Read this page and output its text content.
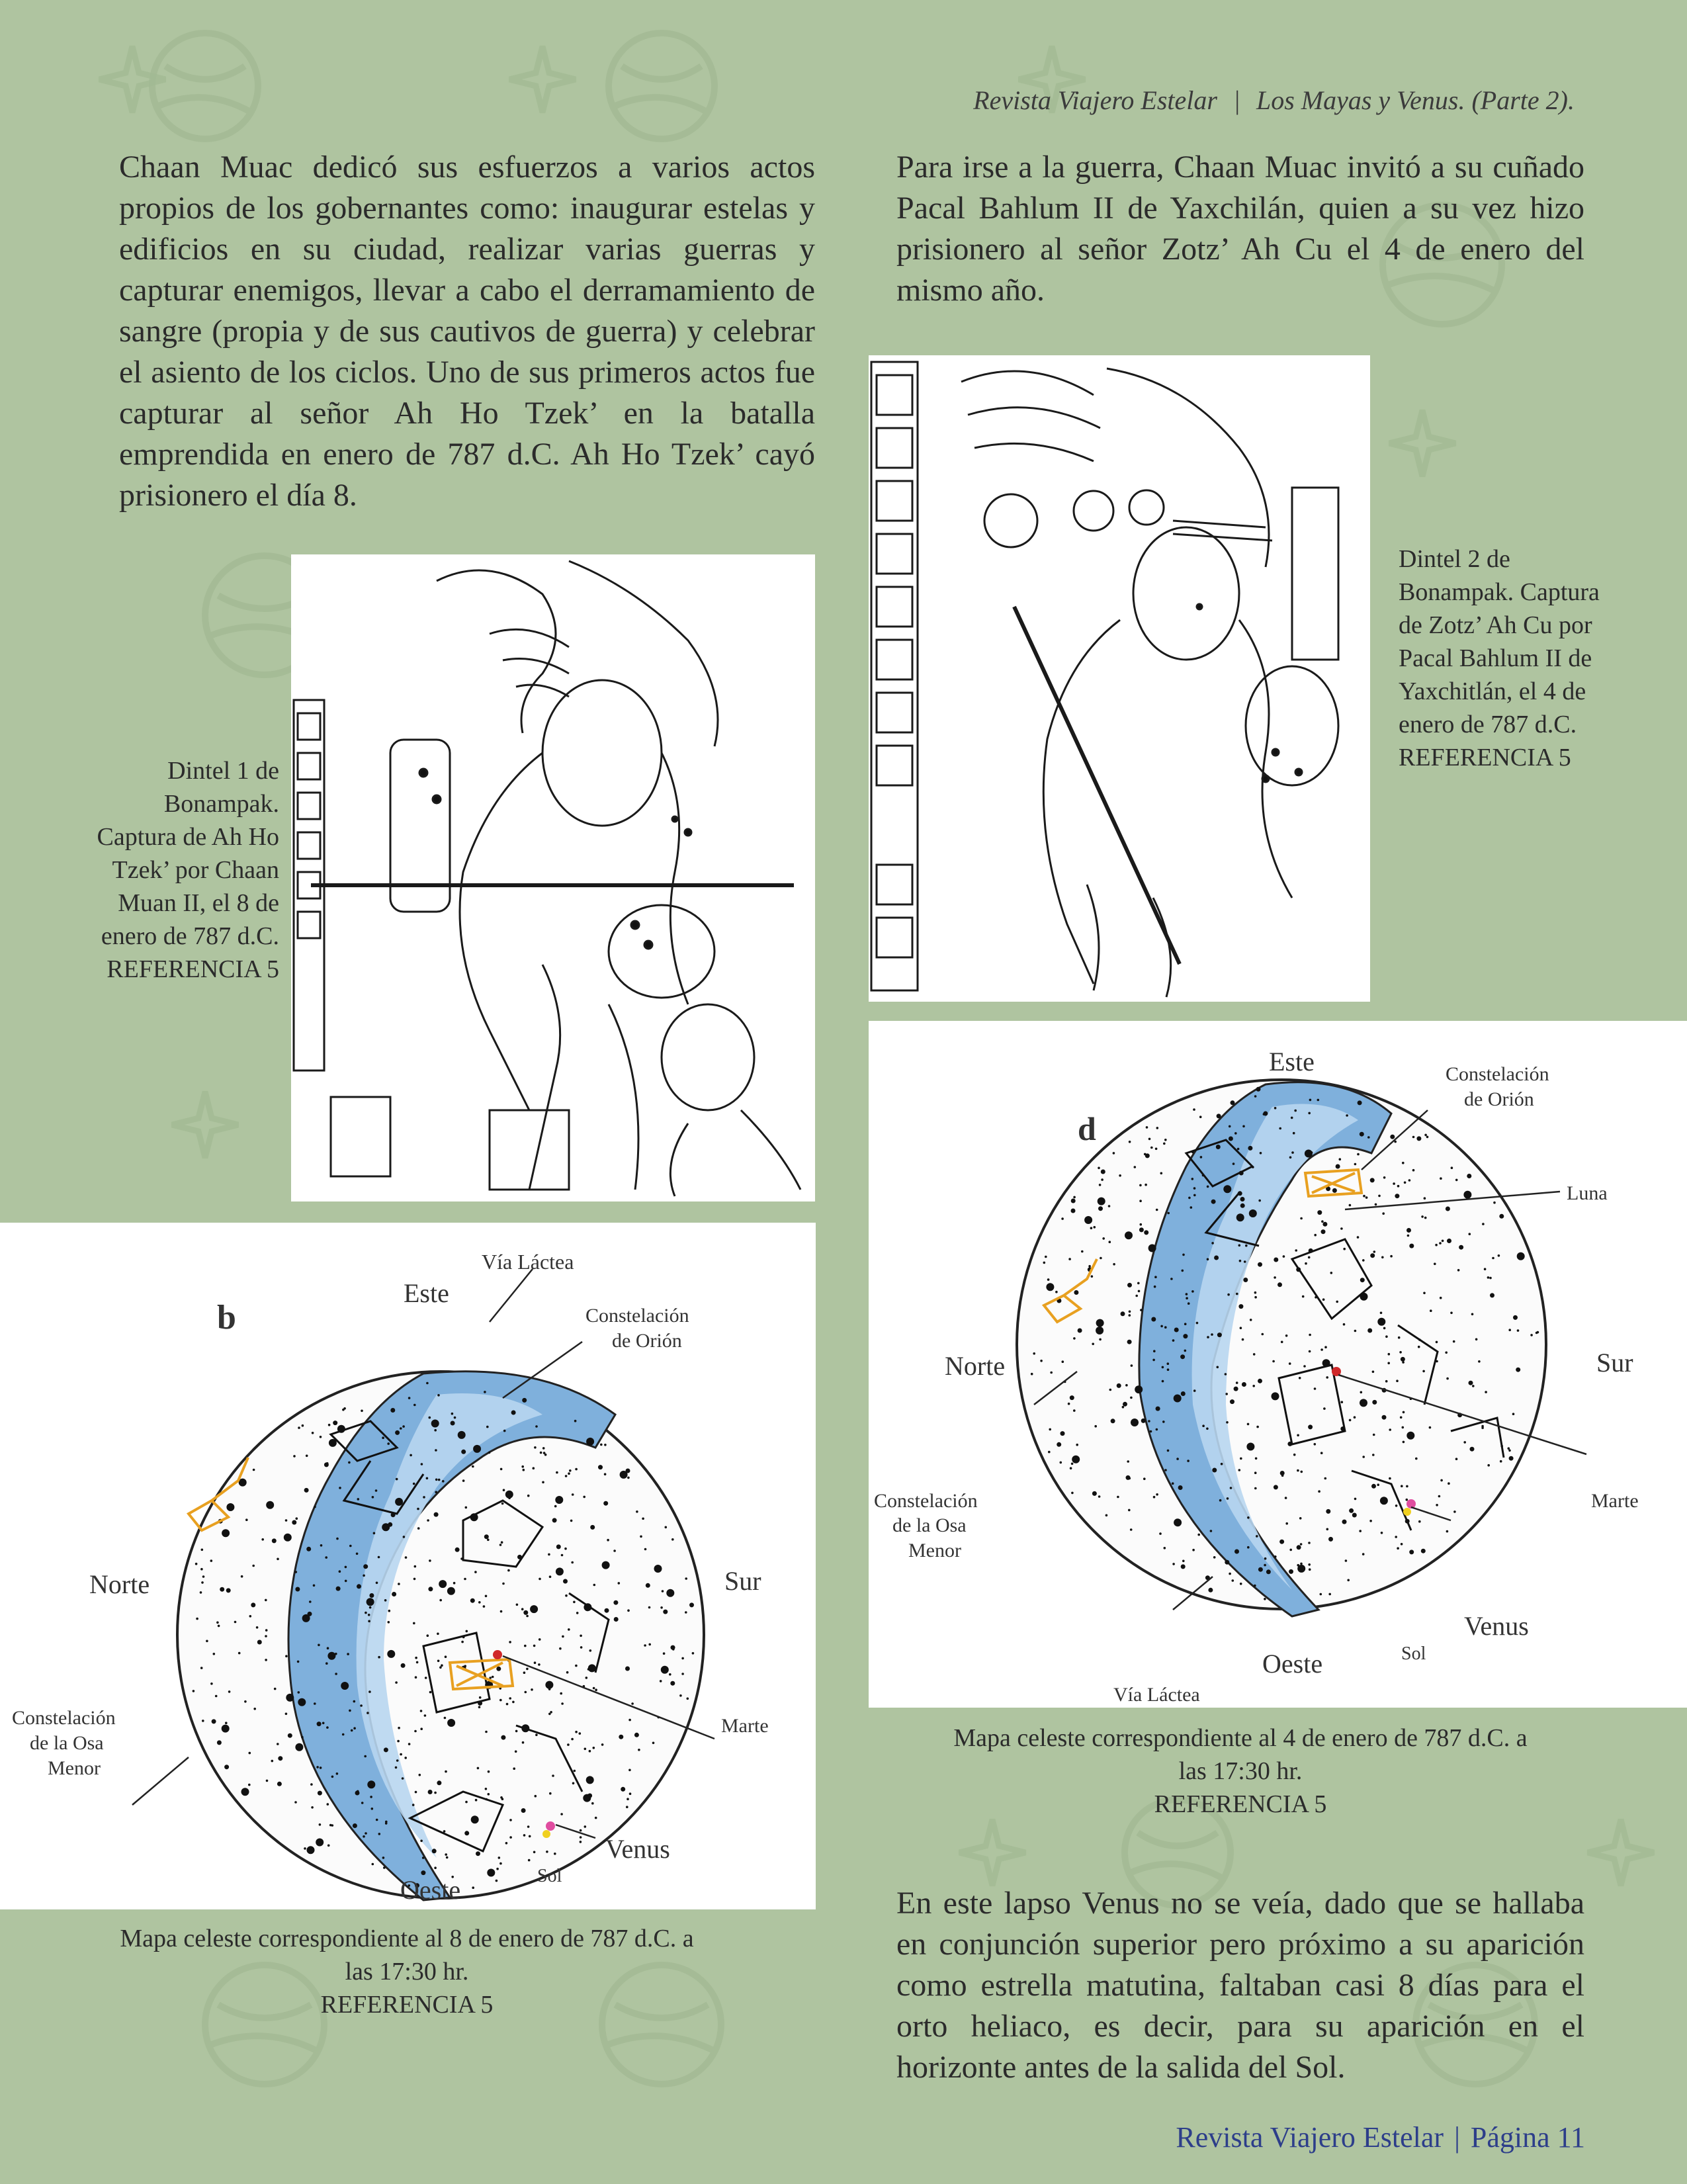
Revista Viajero Estelar | Los Mayas y Venus. (Parte 2).
Chaan Muac dedicó sus esfuerzos a varios actos propios de los gobernantes como: inaugurar estelas y edificios en su ciudad, realizar varias guerras y capturar enemigos, llevar a cabo el derramamiento de sangre (propia y de sus cautivos de guerra) y celebrar el asiento de los ciclos. Uno de sus primeros actos fue capturar al señor Ah Ho Tzek’ en la batalla emprendida en enero de 787 d.C. Ah Ho Tzek’ cayó prisionero el día 8.
Para irse a la guerra, Chaan Muac invitó a su cuñado Pacal Bahlum II de Yaxchilán, quien a su vez hizo prisionero al señor Zotz’ Ah Cu el 4 de enero del mismo año.
En este lapso Venus no se veía, dado que se hallaba en conjunción superior pero próximo a su aparición como estrella matutina, faltaban casi 8 días para el orto heliaco, es decir, para su aparición en el horizonte antes de la salida del Sol.
Dintel 1 de
Bonampak.
Captura de Ah Ho
Tzek’ por Chaan
Muan II, el 8 de
enero de 787 d.C.
REFERENCIA 5
Dintel 2 de
Bonampak. Captura
de Zotz’ Ah Cu por
Pacal Bahlum II de
Yaxchitlán, el 4 de
enero de 787 d.C.
REFERENCIA 5
b
Vía Láctea
Este
Constelación
de Orión
Norte	Sur
Constelación
de la Osa
Menor
Marte
Venus
Sol
Oeste
d
Este	Constelación
de Orión
Luna
Norte	Sur
Constelación
de la Osa
Menor
Marte
Venus
Sol
Oeste
Vía Láctea
Mapa celeste correspondiente al 8 de enero de 787 d.C. a
las 17:30 hr.
REFERENCIA 5
Mapa celeste correspondiente al 4 de enero de 787 d.C. a
las 17:30 hr.
REFERENCIA 5
Revista Viajero Estelar | Página 11
